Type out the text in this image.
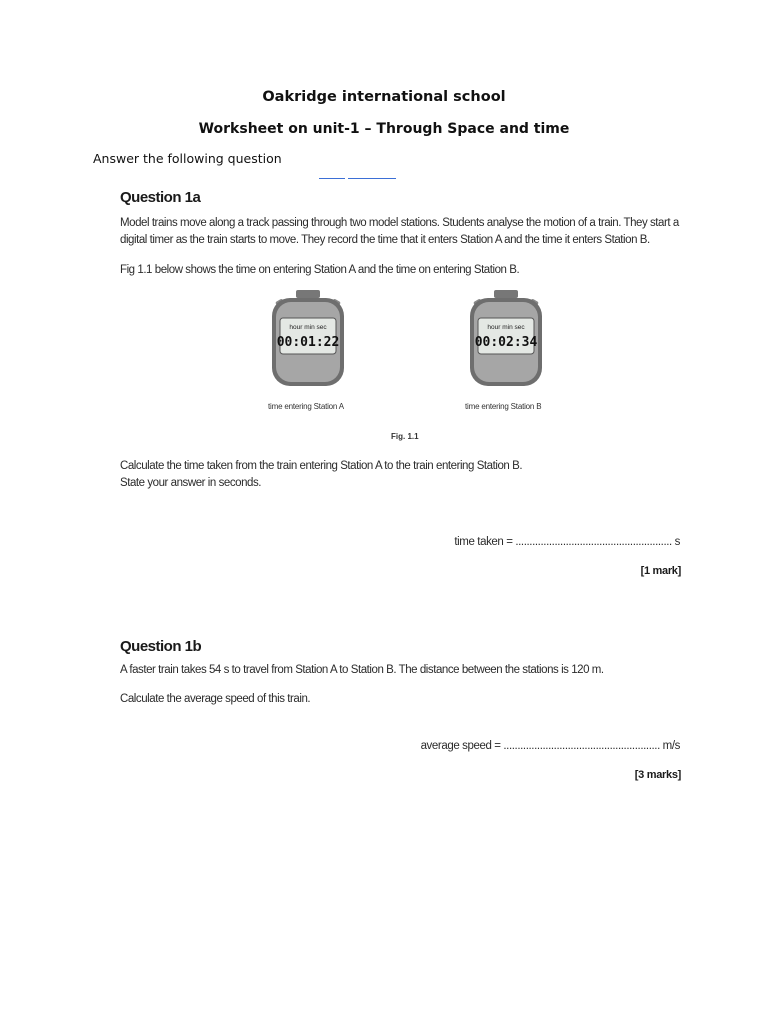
Oakridge international school
Worksheet on unit-1 – Through Space and time
Answer the following question
Question 1a
Model trains move along a track passing through two model stations. Students analyse the motion of a train. They start a
digital timer as the train starts to move. They record the time that it enters Station A and the time it enters Station B.
Fig 1.1 below shows the time on entering Station A and the time on entering Station B.
hour min sec
00:01:22
time entering Station A
hour min sec
00:02:34
time entering Station B
Fig. 1.1
Calculate the time taken from the train entering Station A to the train entering Station B.
State your answer in seconds.
time taken = ........................................................ s
[1 mark]
Question 1b
A faster train takes 54 s to travel from Station A to Station B. The distance between the stations is 120 m.
Calculate the average speed of this train.
average speed = ........................................................ m/s
[3 marks]
